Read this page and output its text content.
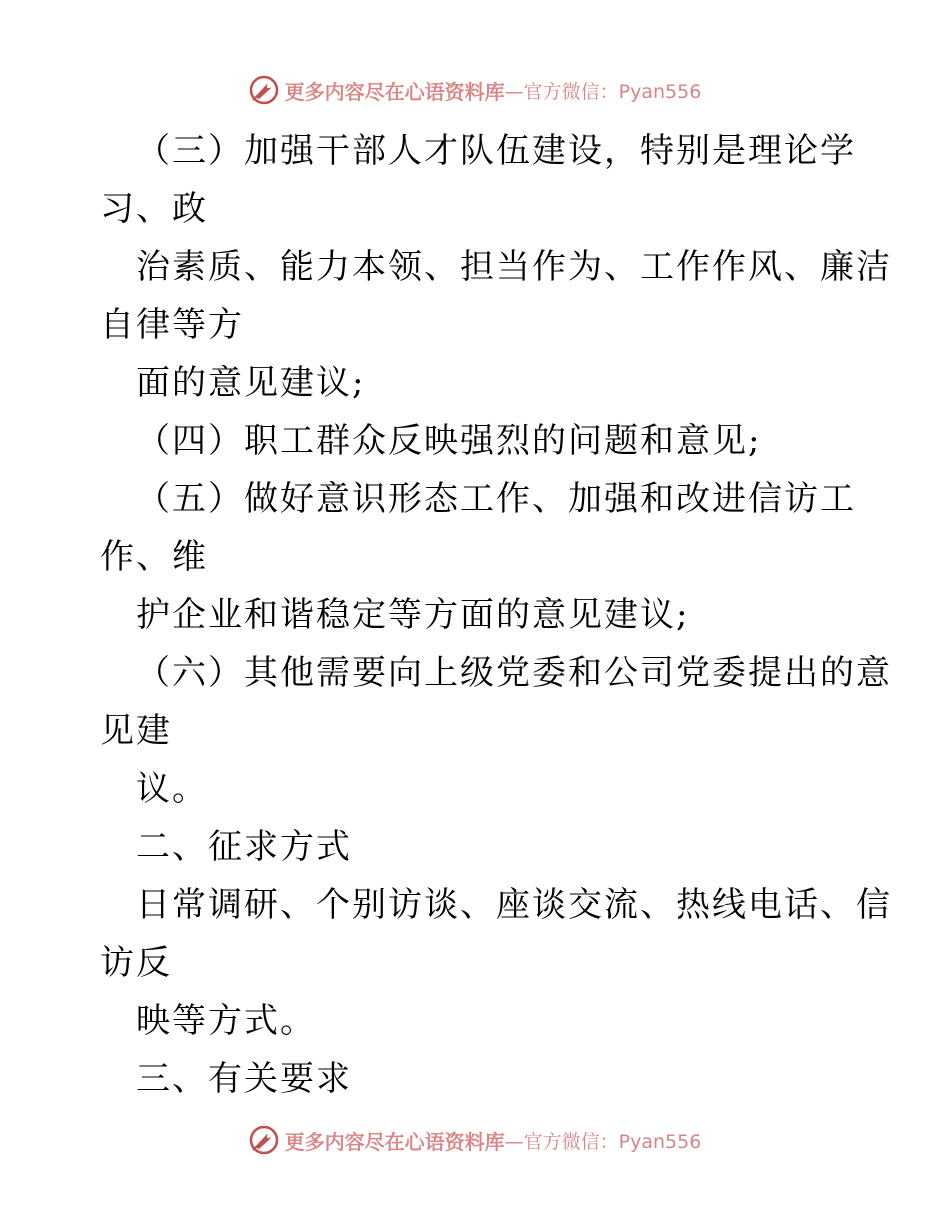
更多内容尽在心语资料库 —官方微信：Pyan556
（三）加强干部人才队伍建设，特别是理论学
习、政
治素质、能力本领、担当作为、工作作风、廉洁
自律等方
面的意见建议;
（四）职工群众反映强烈的问题和意见;
（五）做好意识形态工作、加强和改进信访工
作、维
护企业和谐稳定等方面的意见建议;
（六）其他需要向上级党委和公司党委提出的意
见建
议。
二、征求方式
日常调研、个别访谈、座谈交流、热线电话、信
访反
映等方式。
三、有关要求
更多内容尽在心语资料库 —官方微信：Pyan556
